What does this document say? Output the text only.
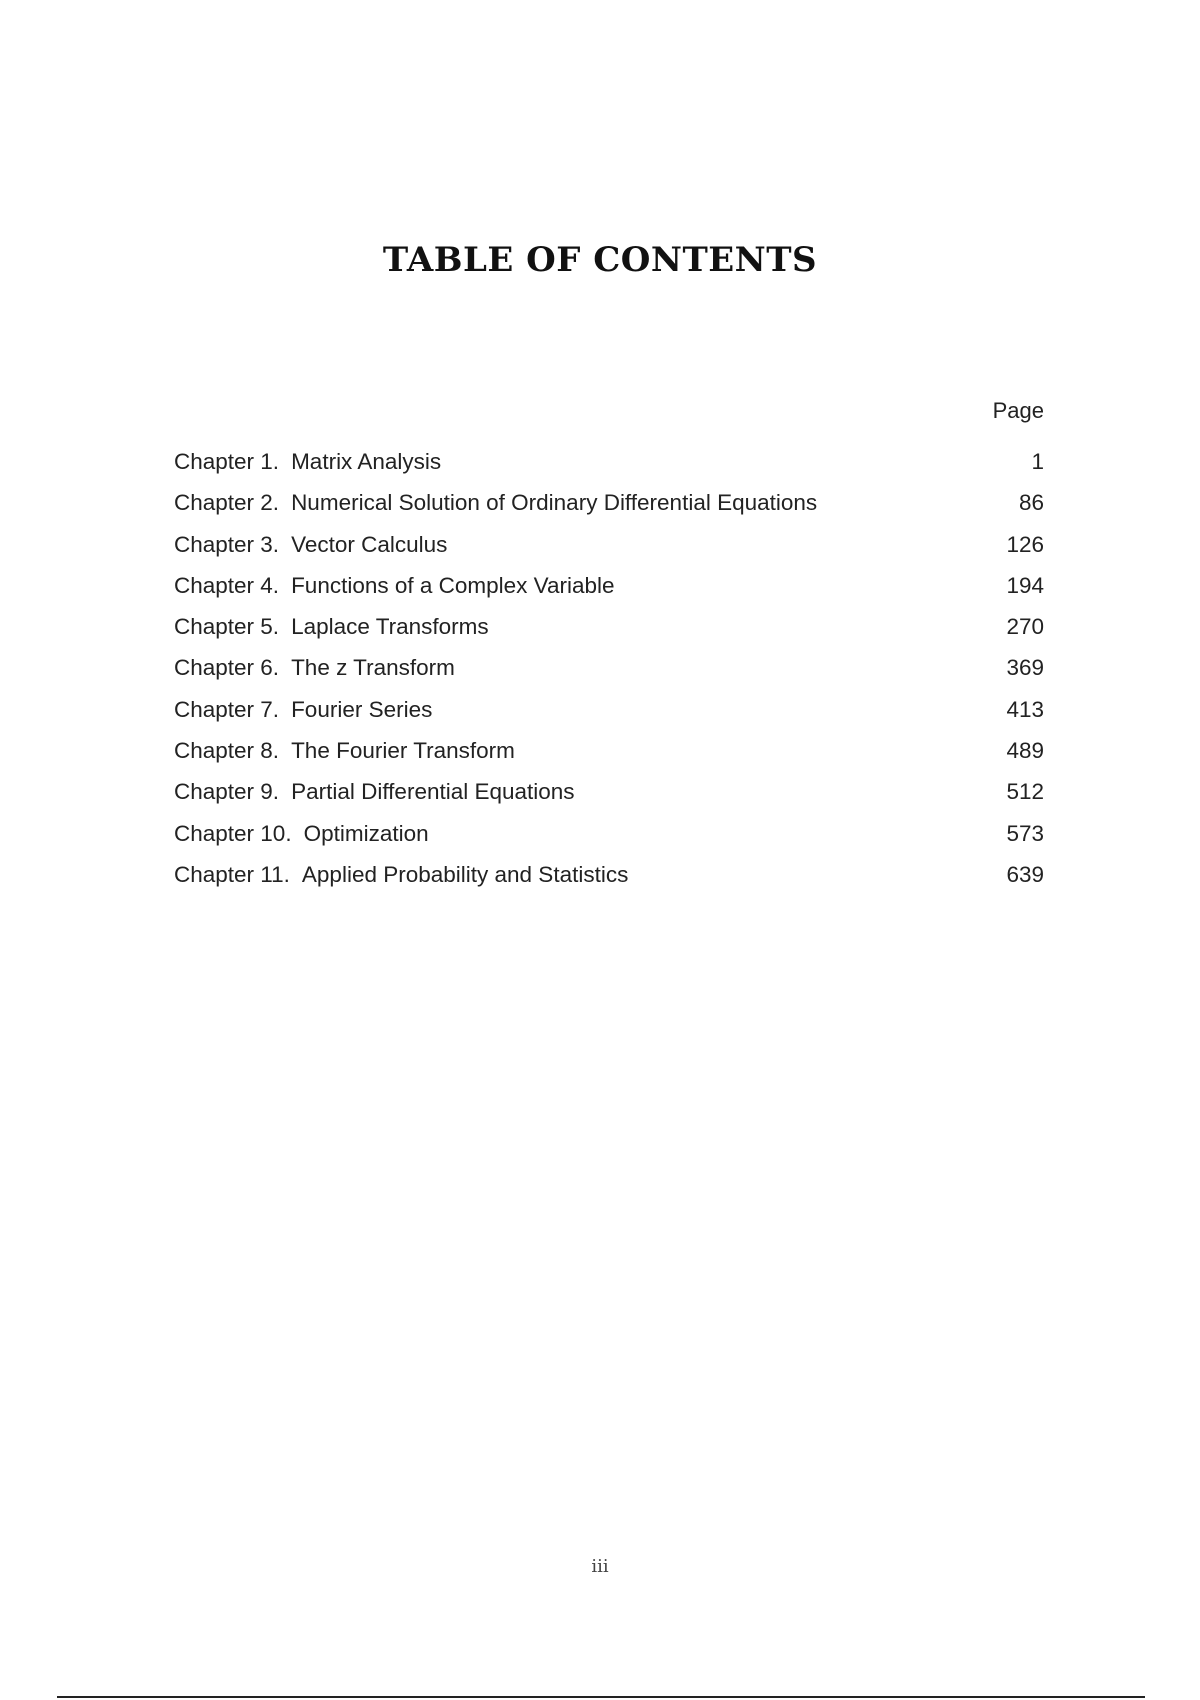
TABLE OF CONTENTS
Page
Chapter 1. Matrix Analysis	1
Chapter 2. Numerical Solution of Ordinary Differential Equations	86
Chapter 3. Vector Calculus	126
Chapter 4. Functions of a Complex Variable	194
Chapter 5. Laplace Transforms	270
Chapter 6. The z Transform	369
Chapter 7. Fourier Series	413
Chapter 8. The Fourier Transform	489
Chapter 9. Partial Differential Equations	512
Chapter 10. Optimization	573
Chapter 11. Applied Probability and Statistics	639
iii
